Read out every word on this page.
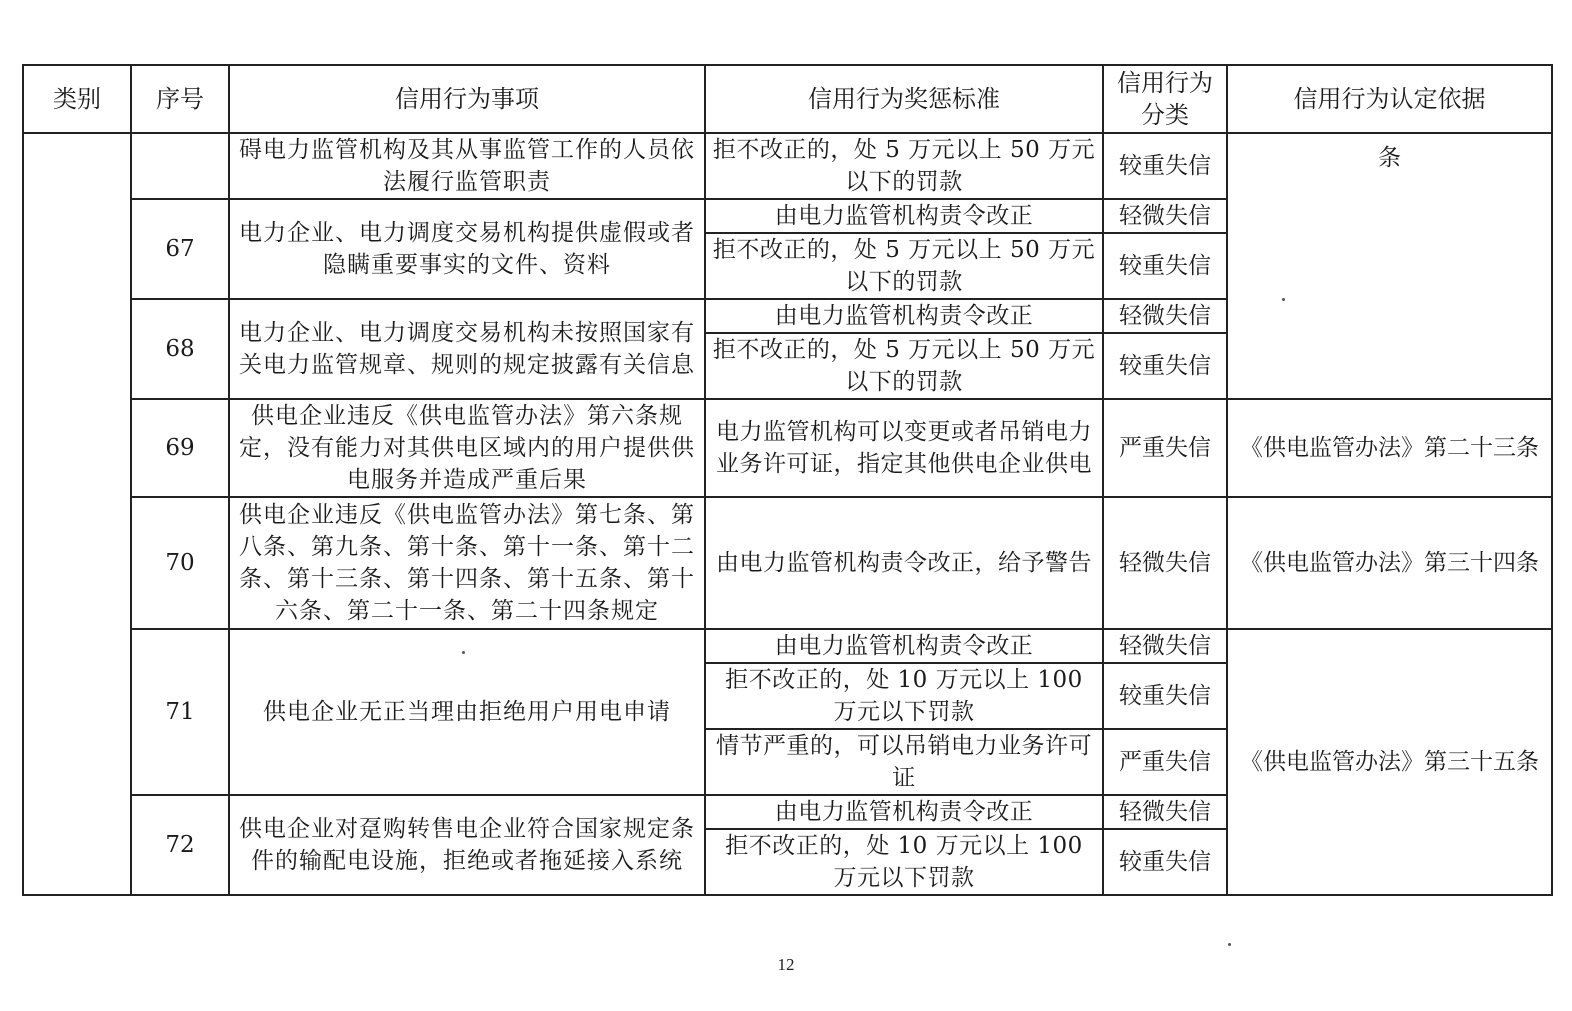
类别	序号	信用行为事项	信用行为奖惩标准	信用行为分类	信用行为认定依据
		碍电力监管机构及其从事监管工作的人员依法履行监管职责	拒不改正的，处 5 万元以上 50 万元以下的罚款	较重失信	条
	67	电力企业、电力调度交易机构提供虚假或者隐瞒重要事实的文件、资料	由电力监管机构责令改正	轻微失信	
			拒不改正的，处 5 万元以上 50 万元以下的罚款	较重失信	
	68	电力企业、电力调度交易机构未按照国家有关电力监管规章、规则的规定披露有关信息	由电力监管机构责令改正	轻微失信	
			拒不改正的，处 5 万元以上 50 万元以下的罚款	较重失信	
	69	供电企业违反《供电监管办法》第六条规定，没有能力对其供电区域内的用户提供供电服务并造成严重后果	电力监管机构可以变更或者吊销电力业务许可证，指定其他供电企业供电	严重失信	《供电监管办法》第二十三条
	70	供电企业违反《供电监管办法》第七条、第八条、第九条、第十条、第十一条、第十二条、第十三条、第十四条、第十五条、第十六条、第二十一条、第二十四条规定	由电力监管机构责令改正，给予警告	轻微失信	《供电监管办法》第三十四条
	71	供电企业无正当理由拒绝用户用电申请	由电力监管机构责令改正	轻微失信	《供电监管办法》第三十五条
			拒不改正的，处 10 万元以上 100 万元以下罚款	较重失信	
			情节严重的，可以吊销电力业务许可证	严重失信	
	72	供电企业对趸购转售电企业符合国家规定条件的输配电设施，拒绝或者拖延接入系统	由电力监管机构责令改正	轻微失信	
			拒不改正的，处 10 万元以上 100 万元以下罚款	较重失信	
12
